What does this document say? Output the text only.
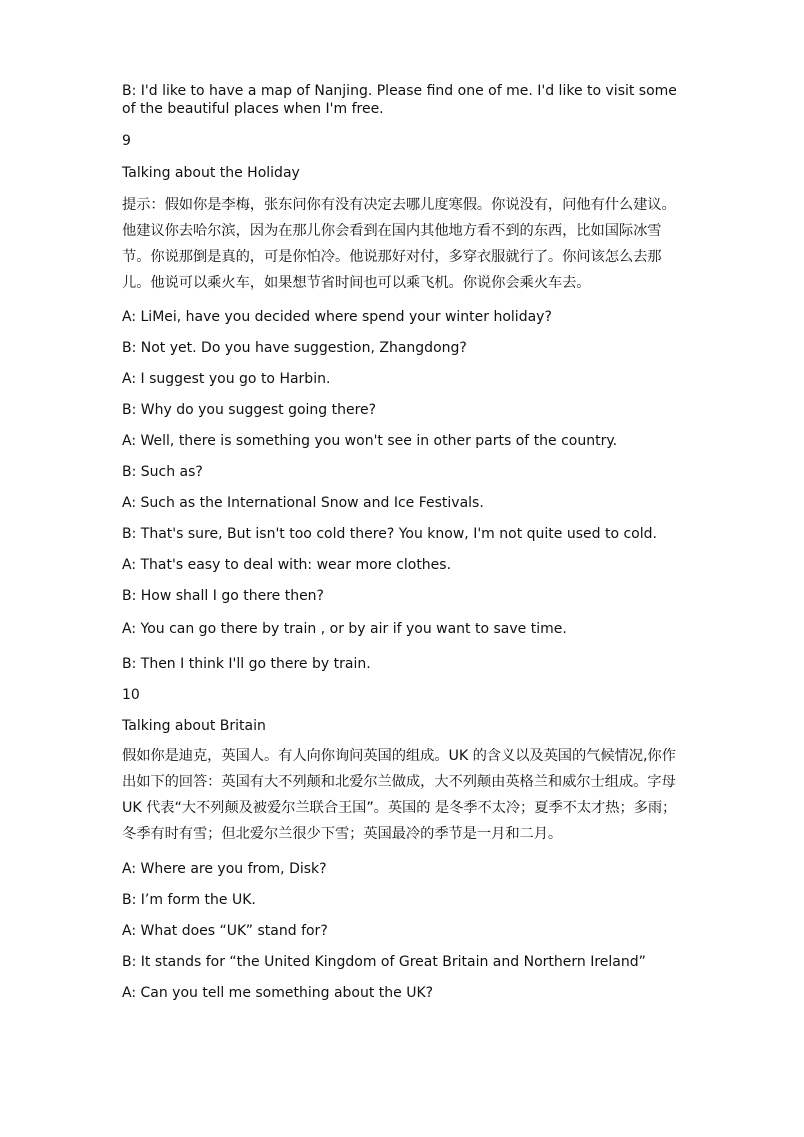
B: I'd like to have a map of Nanjing. Please find one of me. I'd like to visit some of the beautiful places when I'm free.

9

Talking about the Holiday

提示：假如你是李梅，张东问你有没有决定去哪儿度寒假。你说没有，问他有什么建议。他建议你去哈尔滨，因为在那儿你会看到在国内其他地方看不到的东西，比如国际冰雪节。你说那倒是真的，可是你怕冷。他说那好对付，多穿衣服就行了。你问该怎么去那儿。他说可以乘火车，如果想节省时间也可以乘飞机。你说你会乘火车去。

A: LiMei, have you decided where spend your winter holiday?

B: Not yet. Do you have suggestion, Zhangdong?

A: I suggest you go to Harbin.

B: Why do you suggest going there?

A: Well, there is something you won't see in other parts of the country.

B: Such as?

A: Such as the International Snow and Ice Festivals.

B: That's sure, But isn't too cold there? You know, I'm not quite used to cold.

A: That's easy to deal with: wear more clothes.

B: How shall I go there then?

A: You can go there by train , or by air if you want to save time.

B: Then I think I'll go there by train.

10

Talking about Britain

假如你是迪克，英国人。有人向你询问英国的组成。UK 的含义以及英国的气候情况,你作出如下的回答：英国有大不列颠和北爱尔兰做成，大不列颠由英格兰和威尔士组成。字母 UK 代表“大不列颠及被爱尔兰联合王国”。英国的 是冬季不太冷；夏季不太才热；多雨；冬季有时有雪；但北爱尔兰很少下雪；英国最冷的季节是一月和二月。

A: Where are you from, Disk?

B: I’m form the UK.

A: What does “UK” stand for?

B: It stands for “the United Kingdom of Great Britain and Northern Ireland”

A: Can you tell me something about the UK?
